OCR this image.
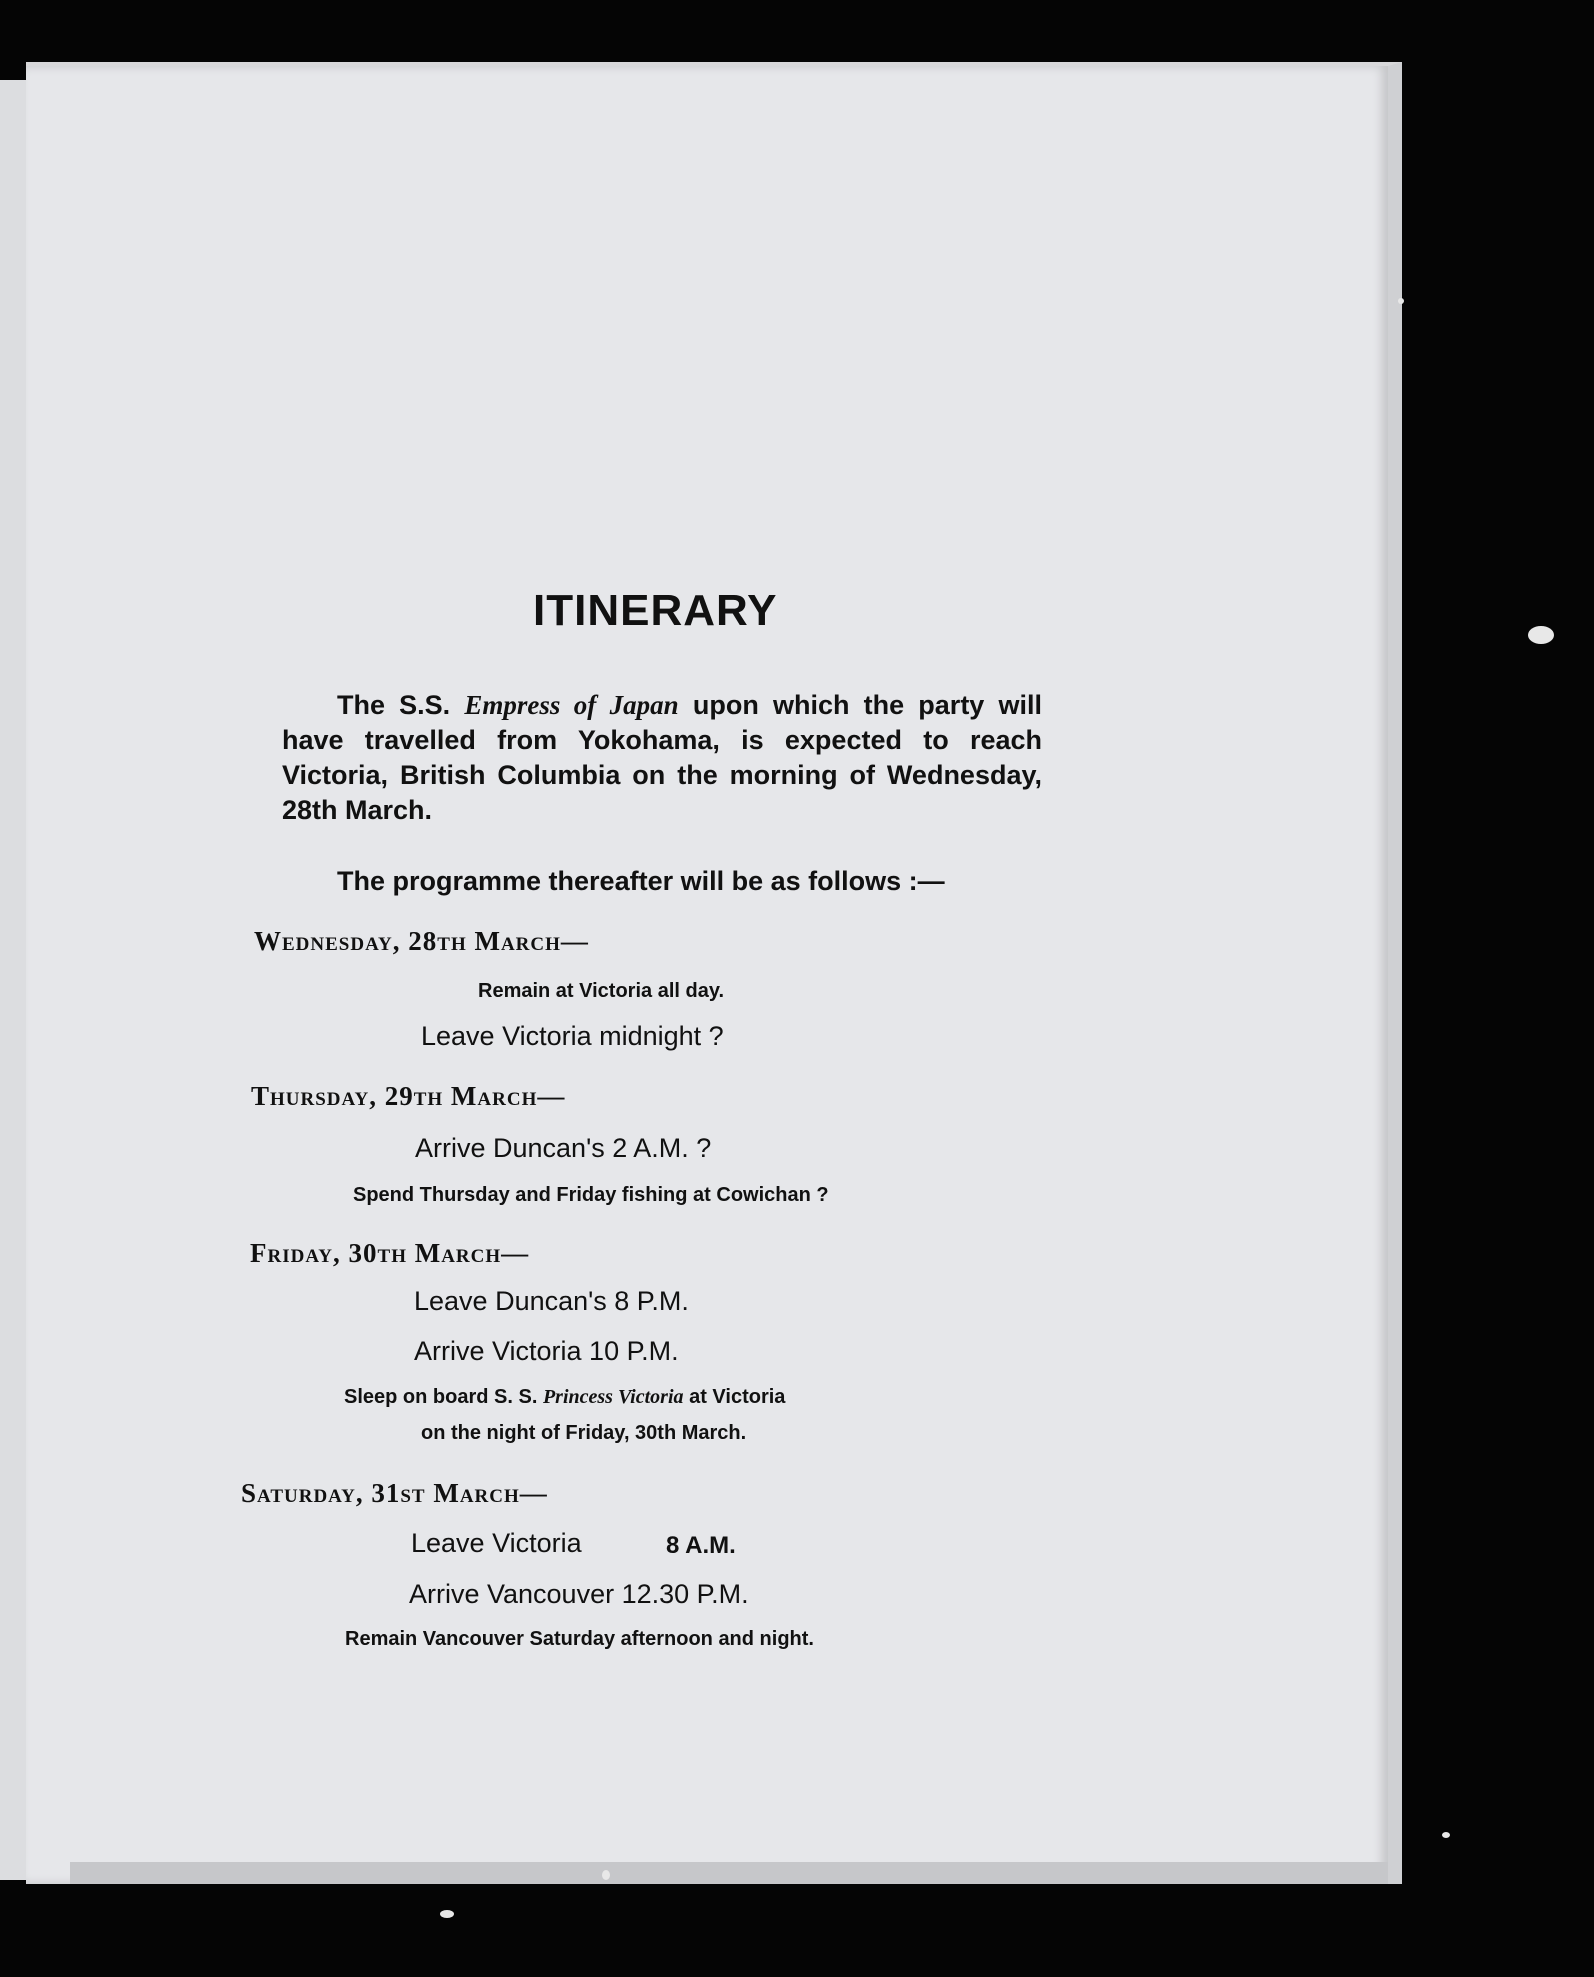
ITINERARY
The S.S. Empress of Japan upon which the party will have travelled from Yokohama, is expected to reach Victoria, British Columbia on the morning of Wednesday, 28th March.
The programme thereafter will be as follows :—
Wednesday, 28th March—
Remain at Victoria all day.
Leave Victoria midnight ?
Thursday, 29th March—
Arrive Duncan's 2 A.M. ?
Spend Thursday and Friday fishing at Cowichan ?
Friday, 30th March—
Leave Duncan's 8 P.M.
Arrive Victoria 10 P.M.
Sleep on board S. S. Princess Victoria at Victoria
on the night of Friday, 30th March.
Saturday, 31st March—
Leave Victoria	8 A.M.
Arrive Vancouver 12.30 P.M.
Remain Vancouver Saturday afternoon and night.
